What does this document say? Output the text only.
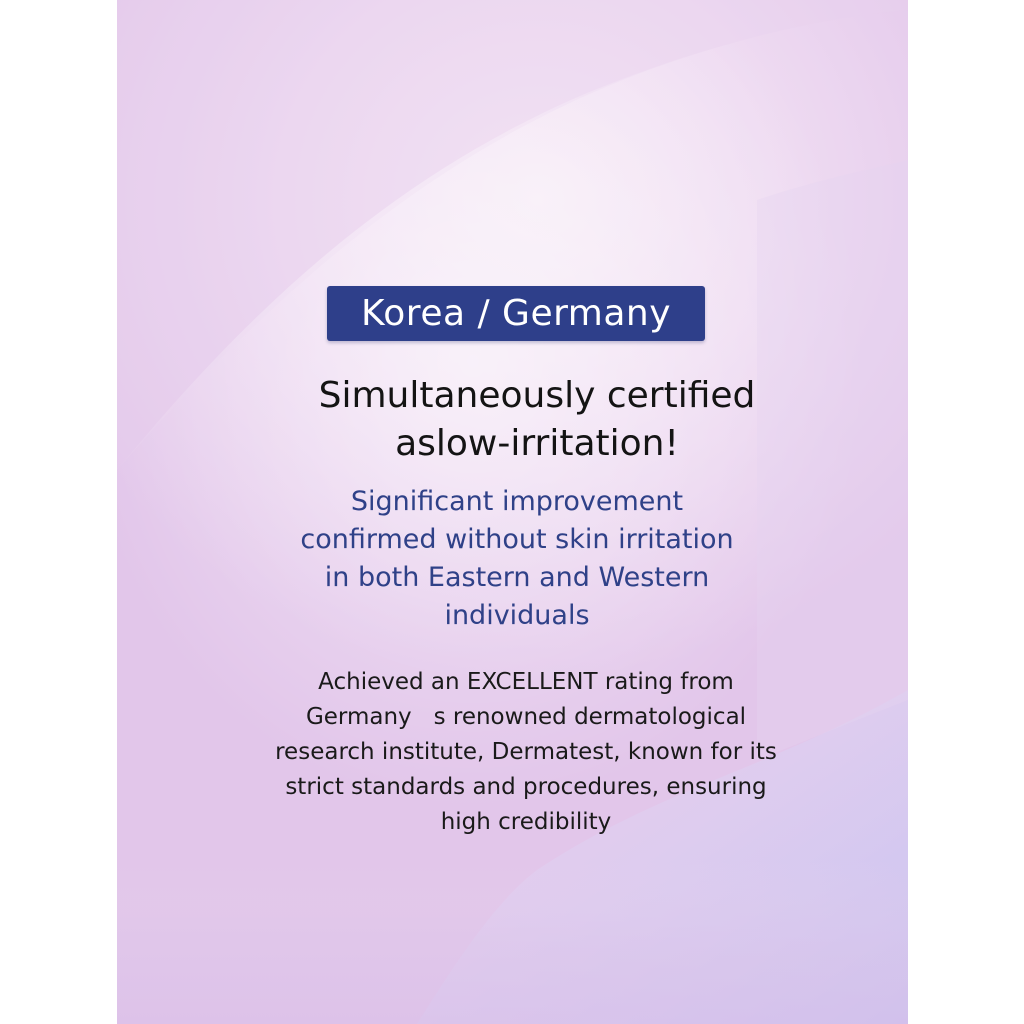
Korea / Germany
Simultaneously certified
aslow-irritation!
Significant improvement
confirmed without skin irritation
in both Eastern and Western
individuals
Achieved an EXCELLENT rating from
Germany   s renowned dermatological
research institute, Dermatest, known for its
strict standards and procedures, ensuring
high credibility
